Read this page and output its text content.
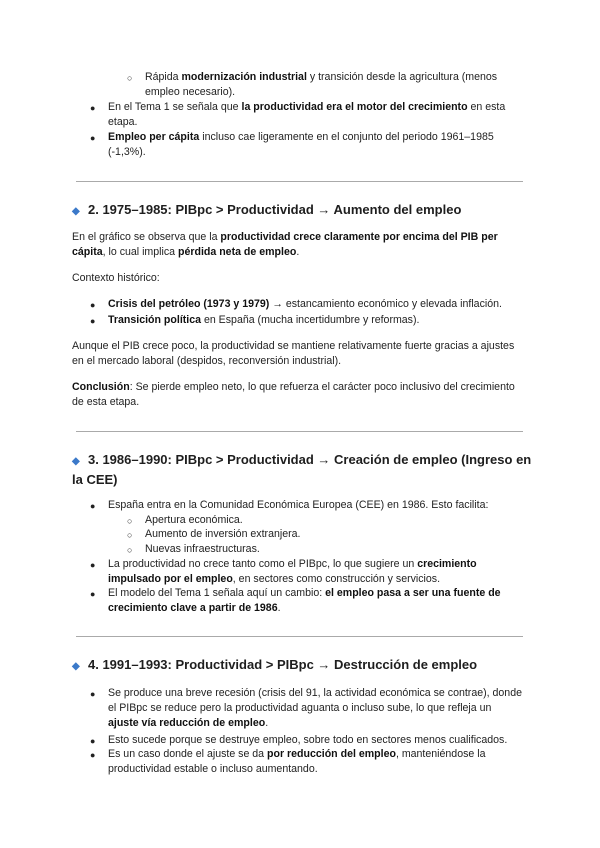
○ Rápida modernización industrial y transición desde la agricultura (menos empleo necesario).
● En el Tema 1 se señala que la productividad era el motor del crecimiento en esta etapa.
● Empleo per cápita incluso cae ligeramente en el conjunto del periodo 1961–1985 (-1,3%).
◆ 2. 1975–1985: PIBpc > Productividad → Aumento del empleo
En el gráfico se observa que la productividad crece claramente por encima del PIB per cápita, lo cual implica pérdida neta de empleo.
Contexto histórico:
● Crisis del petróleo (1973 y 1979) → estancamiento económico y elevada inflación.
● Transición política en España (mucha incertidumbre y reformas).
Aunque el PIB crece poco, la productividad se mantiene relativamente fuerte gracias a ajustes en el mercado laboral (despidos, reconversión industrial).
Conclusión: Se pierde empleo neto, lo que refuerza el carácter poco inclusivo del crecimiento de esta etapa.
◆ 3. 1986–1990: PIBpc > Productividad → Creación de empleo (Ingreso en la CEE)
● España entra en la Comunidad Económica Europea (CEE) en 1986. Esto facilita:
○ Apertura económica.
○ Aumento de inversión extranjera.
○ Nuevas infraestructuras.
● La productividad no crece tanto como el PIBpc, lo que sugiere un crecimiento impulsado por el empleo, en sectores como construcción y servicios.
● El modelo del Tema 1 señala aquí un cambio: el empleo pasa a ser una fuente de crecimiento clave a partir de 1986.
◆ 4. 1991–1993: Productividad > PIBpc → Destrucción de empleo
● Se produce una breve recesión (crisis del 91, la actividad económica se contrae), donde el PIBpc se reduce pero la productividad aguanta o incluso sube, lo que refleja un ajuste vía reducción de empleo.
● Esto sucede porque se destruye empleo, sobre todo en sectores menos cualificados.
● Es un caso donde el ajuste se da por reducción del empleo, manteniéndose la productividad estable o incluso aumentando.
